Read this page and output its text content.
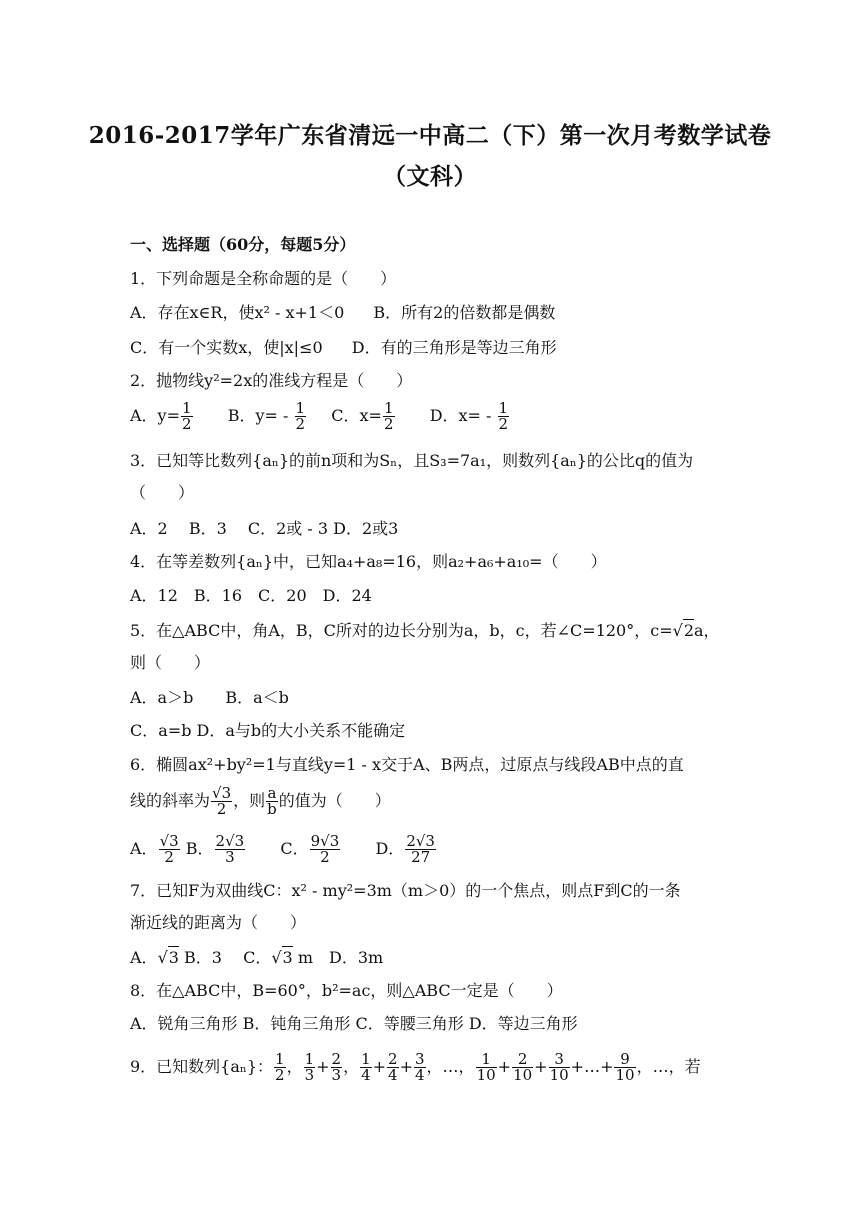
2016-2017学年广东省清远一中高二（下）第一次月考数学试卷
（文科）
一、选择题（60分，每题5分）
1．下列命题是全称命题的是（　　）
A．存在x∈R，使x² - x+1＜0 B．所有2的倍数都是偶数
C．有一个实数x，使|x|≤0 D．有的三角形是等边三角形
2．抛物线y²=2x的准线方程是（　　）
A．$y= \frac{1}{2}$ B．$y= - \frac{1}{2}$ C．$x= \frac{1}{2}$ D．$x= - \frac{1}{2}$
3．已知等比数列{aₙ}的前n项和为Sₙ，且S₃=7a₁，则数列{aₙ}的公比q的值为
（　　）
A．2　 B．3　 C．2或 - 3 D．2或3
4．在等差数列{aₙ}中，已知a₄+a₈=16，则a₂+a₆+a₁₀=（　　）
A．12　B．16　C．20　D．24
5．在△ABC中，角A，B，C所对的边长分别为a，b，c，若∠C=120°，c=√2a，
则（　　）
A．a＞b　　B．a＜b
C．a=b D．a与b的大小关系不能确定
6．椭圆ax²+by²=1与直线y=1 - x交于A、B两点，过原点与线段AB中点的直
线的斜率为 $\frac{√3}{2}$ ，则 $\frac{a}{b}$ 的值为（　　）
A． $\frac{√3}{2}$ B． $\frac{2√3}{3}$ C． $\frac{9√3}{2}$ D． $\frac{2√3}{27}$
7．已知F为双曲线C：x² - my²=3m（m＞0）的一个焦点，则点F到C的一条
渐近线的距离为（　　）
A．√3 B．3　 C．√3 m　D．3m
8．在△ABC中，B=60°，b²=ac，则△ABC一定是（　　）
A．锐角三角形 B．钝角三角形 C．等腰三角形 D．等边三角形
9．已知数列{aₙ}： $\frac{1}{2}$ ， $\frac{1}{3} + \frac{2}{3}$ ， $\frac{1}{4} + \frac{2}{4} + \frac{3}{4}$ ，…， $\frac{1}{10} + \frac{2}{10} + \frac{3}{10}$ +…+ $\frac{9}{10}$ ，…，若
